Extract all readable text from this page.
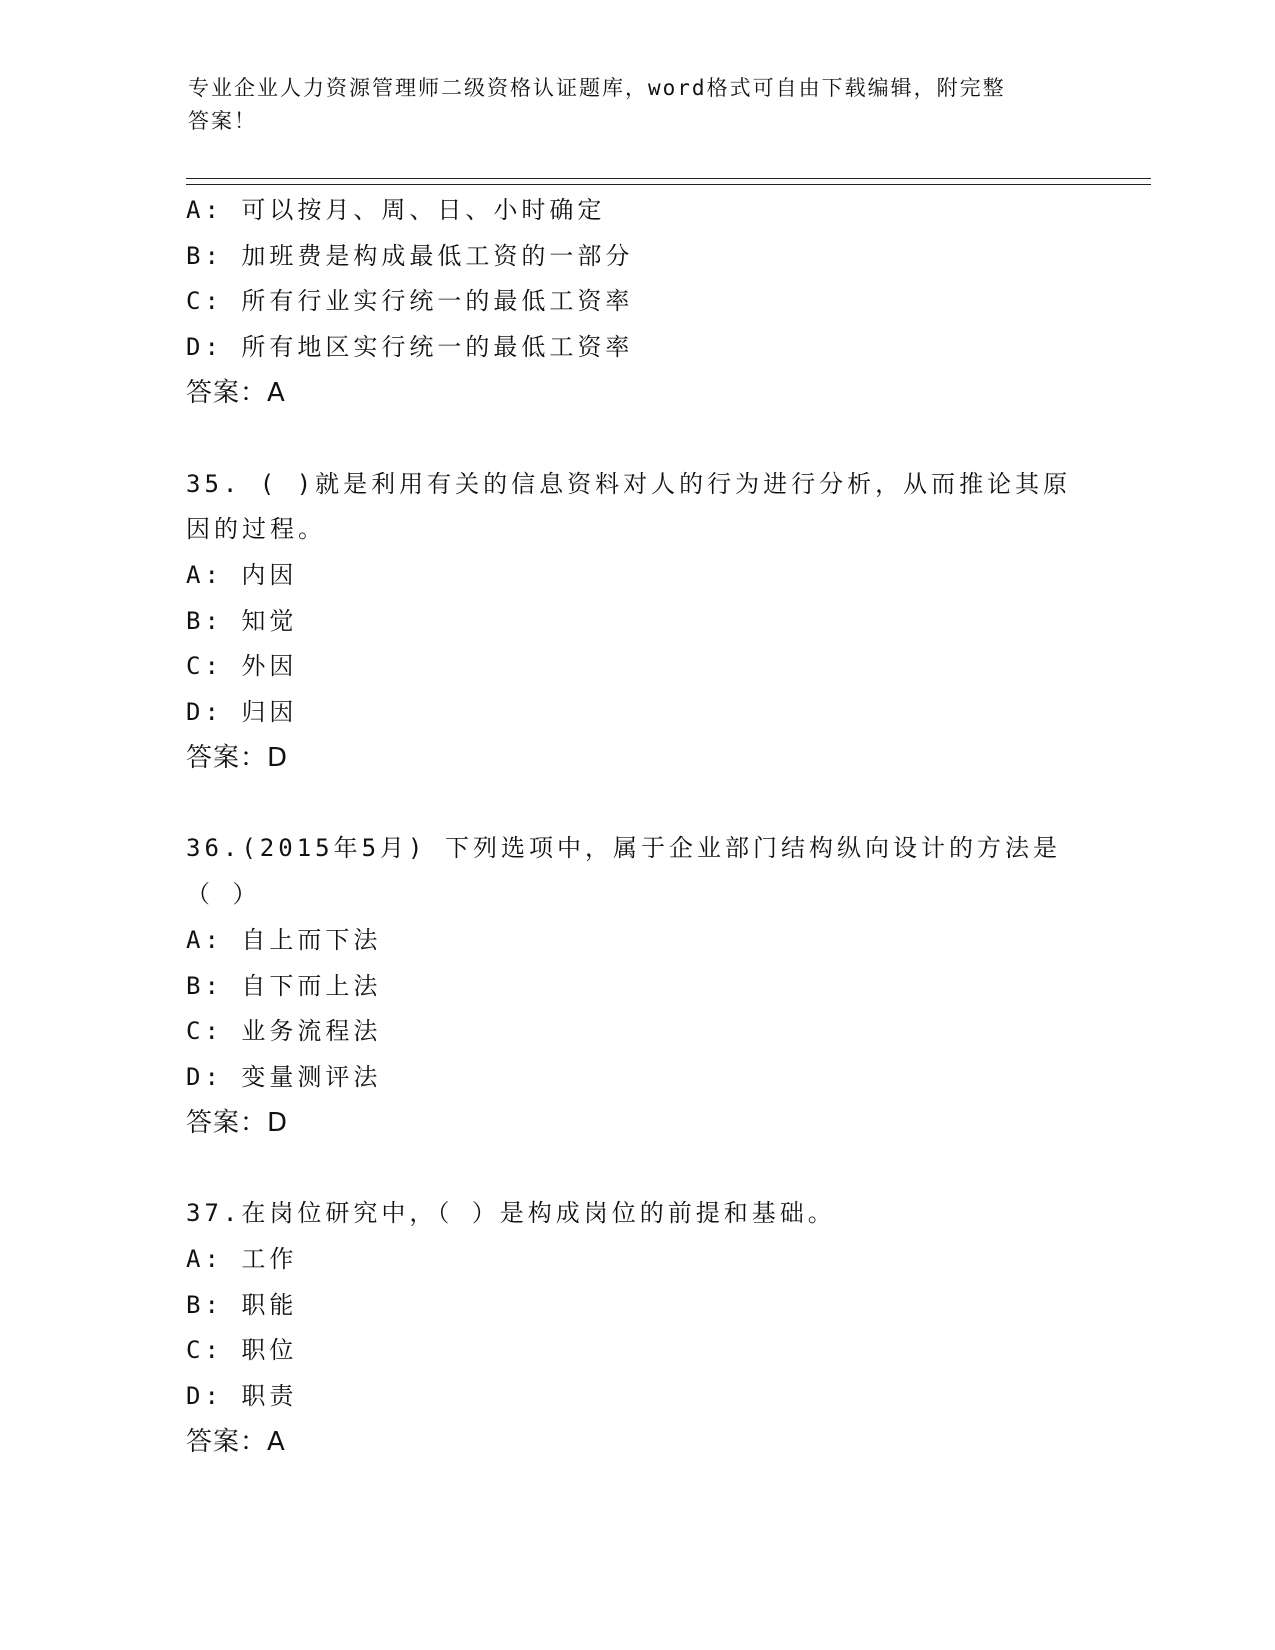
专业企业人力资源管理师二级资格认证题库，word格式可自由下载编辑，附完整
答案！
A: 可以按月、周、日、小时确定
B: 加班费是构成最低工资的一部分
C: 所有行业实行统一的最低工资率
D: 所有地区实行统一的最低工资率
答案：A
35. ( )就是利用有关的信息资料对人的行为进行分析，从而推论其原
因的过程。
A: 内因
B: 知觉
C: 外因
D: 归因
答案：D
36.(2015年5月) 下列选项中，属于企业部门结构纵向设计的方法是
（ ）
A: 自上而下法
B: 自下而上法
C: 业务流程法
D: 变量测评法
答案：D
37.在岗位研究中，（ ）是构成岗位的前提和基础。
A: 工作
B: 职能
C: 职位
D: 职责
答案：A
